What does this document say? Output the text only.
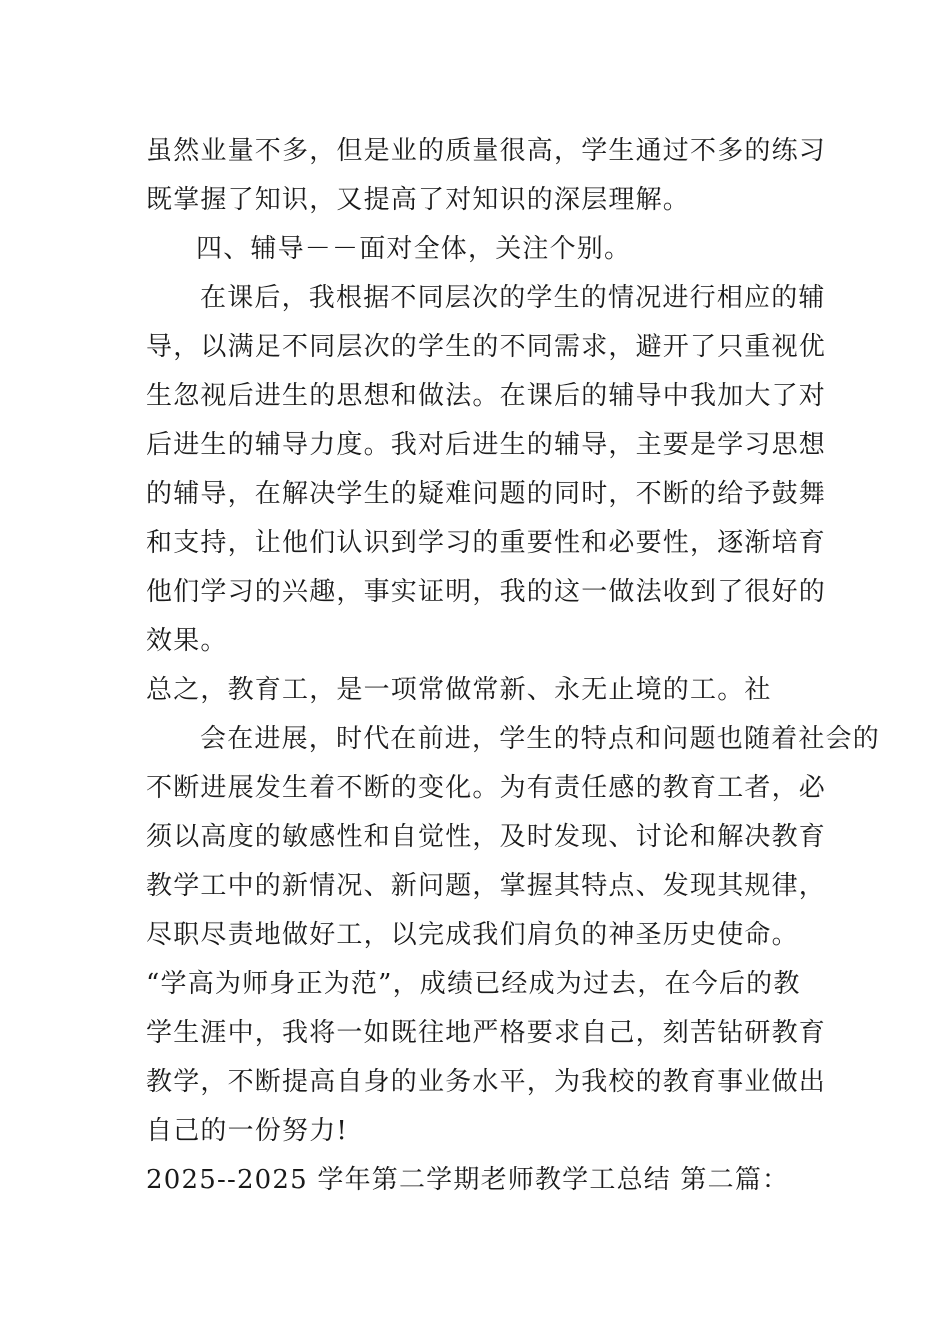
虽然业量不多，但是业的质量很高，学生通过不多的练习
既掌握了知识，又提高了对知识的深层理解。
四、辅导－－面对全体，关注个别。
在课后，我根据不同层次的学生的情况进行相应的辅
导，以满足不同层次的学生的不同需求，避开了只重视优
生忽视后进生的思想和做法。在课后的辅导中我加大了对
后进生的辅导力度。我对后进生的辅导，主要是学习思想
的辅导，在解决学生的疑难问题的同时，不断的给予鼓舞
和支持，让他们认识到学习的重要性和必要性，逐渐培育
他们学习的兴趣，事实证明，我的这一做法收到了很好的
效果。
总之，教育工，是一项常做常新、永无止境的工。社
会在进展，时代在前进，学生的特点和问题也随着社会的
不断进展发生着不断的变化。为有责任感的教育工者，必
须以高度的敏感性和自觉性，及时发现、讨论和解决教育
教学工中的新情况、新问题，掌握其特点、发现其规律，
尽职尽责地做好工，以完成我们肩负的神圣历史使命。
“学高为师身正为范”，成绩已经成为过去，在今后的教
学生涯中，我将一如既往地严格要求自己，刻苦钻研教育
教学，不断提高自身的业务水平，为我校的教育事业做出
自己的一份努力!
2025--2025 学年第二学期老师教学工总结 第二篇：
